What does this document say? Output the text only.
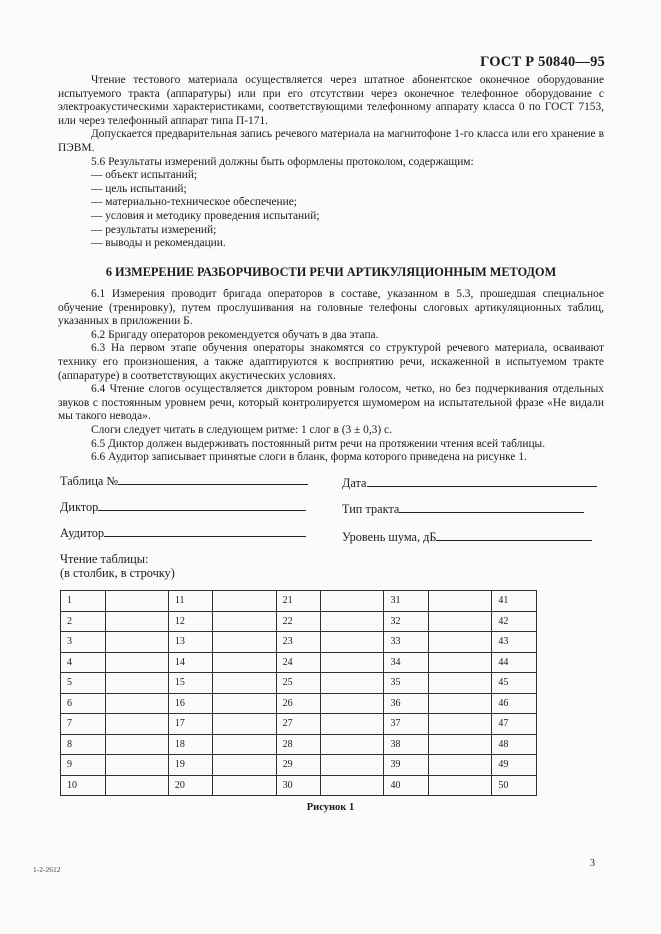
ГОСТ Р 50840—95

Чтение тестового материала осуществляется через штатное абонентское оконечное оборудование испытуемого тракта (аппаратуры) или при его отсутствии через оконечное телефонное оборудование с электроакустическими характеристиками, соответствующими телефонному аппарату класса 0 по ГОСТ 7153, или через телефонный аппарат типа П-171.

Допускается предварительная запись речевого материала на магнитофоне 1-го класса или его хранение в ПЭВМ.

5.6 Результаты измерений должны быть оформлены протоколом, содержащим:

— объект испытаний;

— цель испытаний;

— материально-техническое обеспечение;

— условия и методику проведения испытаний;

— результаты измерений;

— выводы и рекомендации.

6 ИЗМЕРЕНИЕ РАЗБОРЧИВОСТИ РЕЧИ АРТИКУЛЯЦИОННЫМ МЕТОДОМ

6.1 Измерения проводит бригада операторов в составе, указанном в 5.3, прошедшая специальное обучение (тренировку), путем прослушивания на головные телефоны слоговых артикуляционных таблиц, указанных в приложении Б.

6.2 Бригаду операторов рекомендуется обучать в два этапа.

6.3 На первом этапе обучения операторы знакомятся со структурой речевого материала, осваивают технику его произношения, а также адаптируются к восприятию речи, искаженной в испытуемом тракте (аппаратуре) в соответствующих акустических условиях.

6.4 Чтение слогов осуществляется диктором ровным голосом, четко, но без подчеркивания отдельных звуков с постоянным уровнем речи, который контролируется шумомером на испытательной фразе «Не видали мы такого невода».

Слоги следует читать в следующем ритме: 1 слог в (3 ± 0,3) с.

6.5 Диктор должен выдерживать постоянный ритм речи на протяжении чтения всей таблицы.

6.6 Аудитор записывает принятые слоги в бланк, форма которого приведена на рисунке 1.

Таблица №	Дата
Диктор	Тип тракта
Аудитор	Уровень шума, дБ
Чтение таблицы:
(в столбик, в строчку)
1		11		21		31		41
2		12		22		32		42
3		13		23		33		43
4		14		24		34		44
5		15		25		35		45
6		16		26		36		46
7		17		27		37		47
8		18		28		38		48
9		19		29		39		49
10		20		30		40		50
Рисунок 1
1-2-2612
3
